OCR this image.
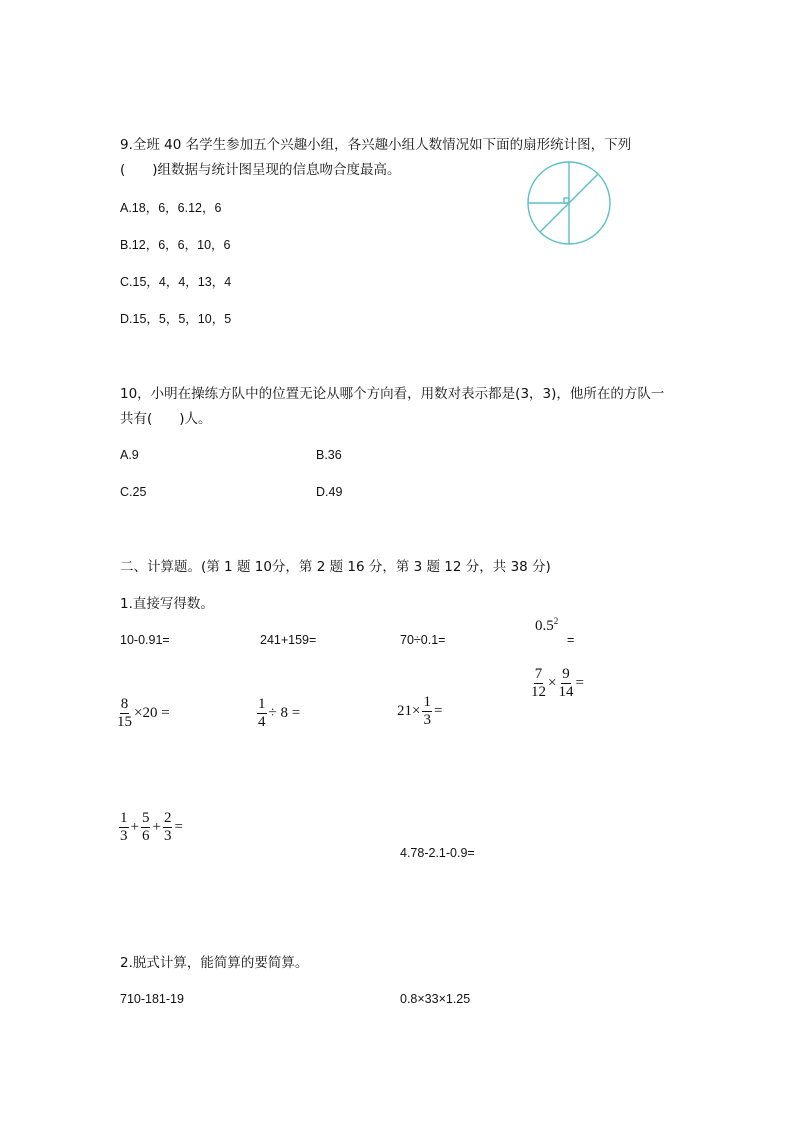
9.全班 40 名学生参加五个兴趣小组，各兴趣小组人数情况如下面的扇形统计图，下列
(　　)组数据与统计图呈现的信息吻合度最高。
A.18，6，6.12，6
B.12，6，6，10，6
C.15，4，4，13，4
D.15，5，5，10，5
10，小明在操练方队中的位置无论从哪个方向看，用数对表示都是(3，3)，他所在的方队一
共有(　　)人。
A.9	B.36
C.25	D.49
二、计算题。(第 1 题 10分，第 2 题 16 分，第 3 题 12 分，共 38 分)
1.直接写得数。
10-0.91=	241+159=	70÷0.1=
$0.5^2$
=
$\frac{7}{12} \times \frac{9}{14}$ =
$\frac{8}{15} \times 20$ =	$\frac{1}{4} \div 8$ =	$21\times \frac{1}{3}$ =
$\frac{1}{3} + \frac{5}{6} + \frac{2}{3}$ =
4.78-2.1-0.9=
2.脱式计算，能简算的要简算。
710-181-19	0.8×33×1.25
